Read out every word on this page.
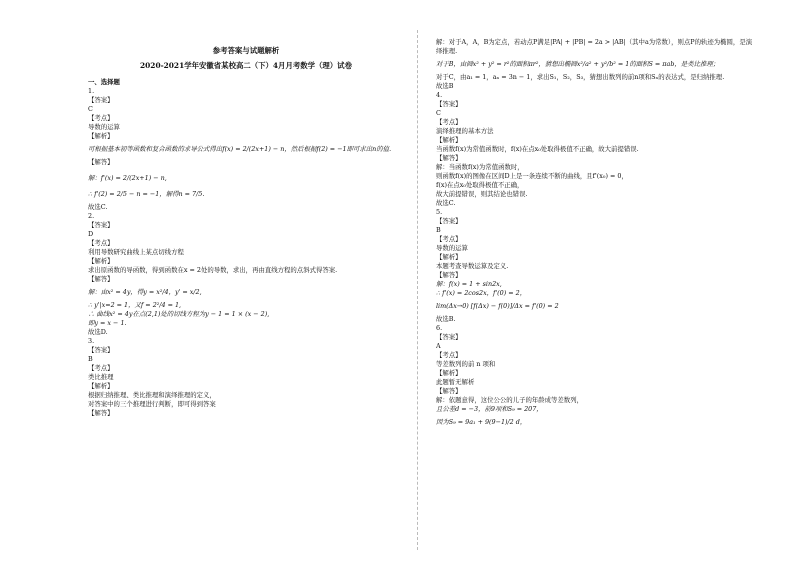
参考答案与试题解析
2020-2021学年安徽省某校高二（下）4月月考数学（理）试卷
一、选择题
1.
【答案】
C
【考点】
导数的运算
【解析】
可根据基本初等函数和复合函数的求导公式得出f(x) = 2/(2x+1) − n，然后根据f(2) = −1即可求出n的值.
【解答】
解：f'(x) = 2/(2x+1) − n,
∴ f'(2) = 2/5 − n = −1，解得n = 7/5.
故选C.
2.
【答案】
D
【考点】
利用导数研究曲线上某点切线方程
【解析】
求出原函数的导函数，得到函数在x = 2处的导数，求出，再由直线方程的点斜式得答案.
【解答】
解：由x² = 4y，得y = x²/4，y' = x/2,
∴ y'|x=2 = 1，又f = 2²/4 = 1,
∴ 曲线x² = 4y在点(2,1)处的切线方程为y − 1 = 1 × (x − 2),
即y = x − 1.
故选D.
3.
【答案】
B
【考点】
类比推理
【解析】
根据归纳推理、类比推理和演绎推理的定义，
对答案中的三个推理进行判断，即可得到答案
【解答】
解：对于A，A，B为定点，若动点P满足|PA| + |PB| = 2a > |AB|（其中a为常数），则点P的轨迹为椭圆，是演
绎推理.
对于B，由圆x² + y² = r²的面积πr²，猜想出椭圆x²/a² + y²/b² = 1的面积S = πab，是类比推理；
对于C，由a₁ = 1，aₙ = 3n − 1，求出S₁，S₂，S₃，猜想出数列的前n项和Sₙ的表达式，是归纳推理.
故选B
4.
【答案】
C
【考点】
演绎推理的基本方法
【解析】
当函数f(x)为常值函数时，f(x)在点x₀处取得极值不正确，故大前提错误.
【解答】
解：当函数f(x)为常值函数时，
则函数f(x)的图像在区间D上是一条连续不断的曲线，且f'(x₀) = 0，
f(x)在点x₀处取得极值不正确，
故大前提错误，则其结论也错误.
故选C.
5.
【答案】
B
【考点】
导数的运算
【解析】
本题考查导数运算及定义.
【解答】
解：f(x) = 1 + sin2x,
∴ f'(x) = 2cos2x，f'(0) = 2，
lim(Δx→0) [f(Δx) − f(0)]/Δx = f'(0) = 2
故选B.
6.
【答案】
A
【考点】
等差数列的前 n 项和
【解析】
此题暂无解析
【解答】
解：依题意得，这位公公的儿子的年龄成等差数列，
且公差d = −3，前9项和S₉ = 207，
因为S₉ = 9a₁ + 9(9−1)/2 d，
